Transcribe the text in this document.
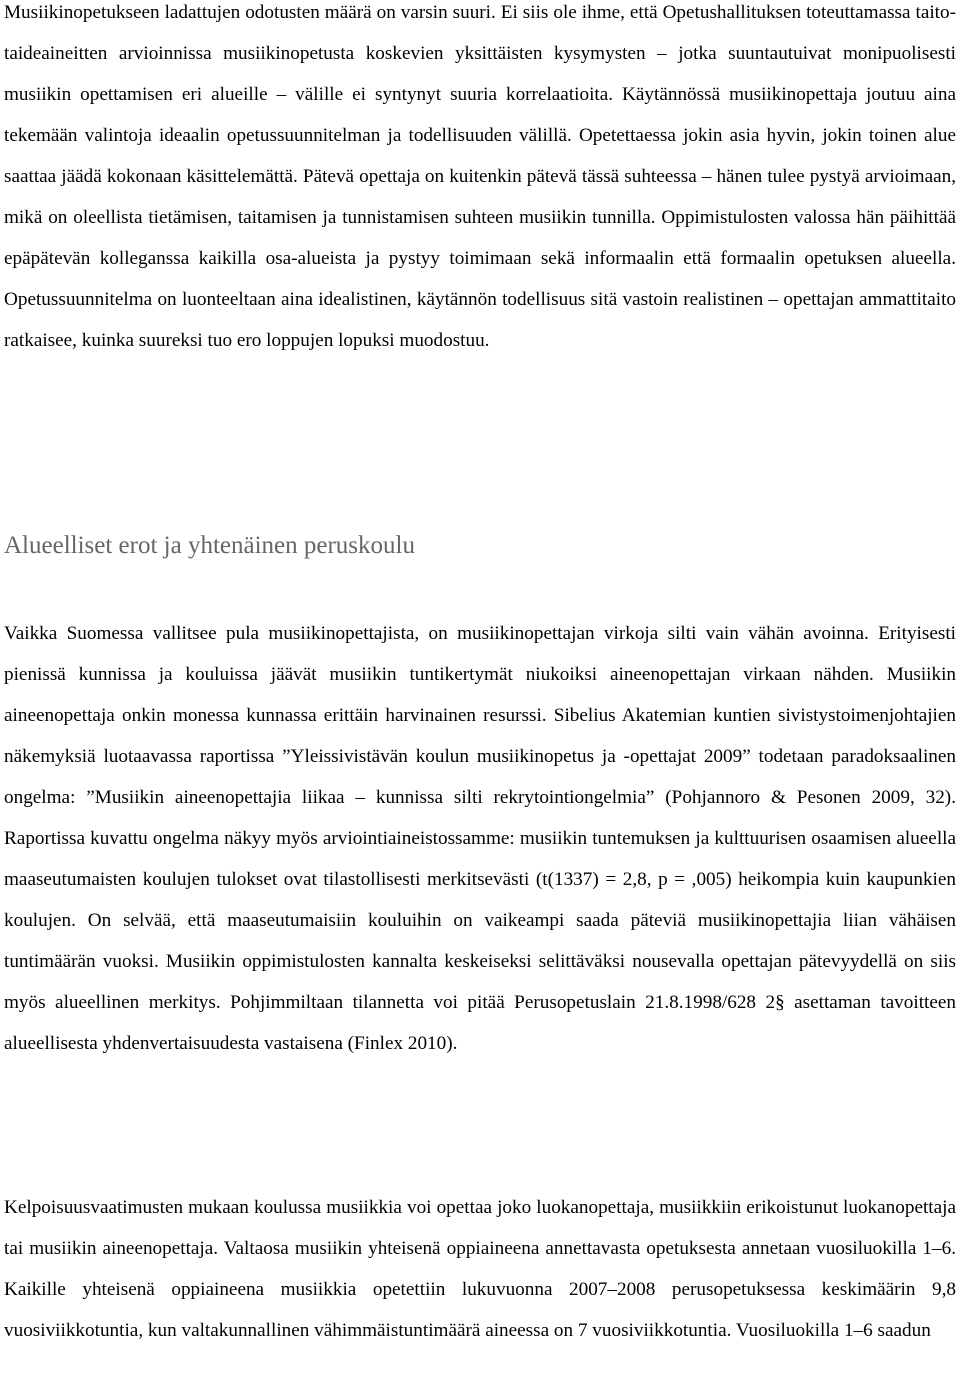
Musiikinopetukseen ladattujen odotusten määrä on varsin suuri. Ei siis ole ihme, että Opetushallituksen toteuttamassa taito- taideaineitten arvioinnissa musiikinopetusta koskevien yksittäisten kysymysten – jotka suuntautuivat monipuolisesti musiikin opettamisen eri alueille – välille ei syntynyt suuria korrelaatioita. Käytännössä musiikinopettaja joutuu aina tekemään valintoja ideaalin opetussuunnitelman ja todellisuuden välillä. Opetettaessa jokin asia hyvin, jokin toinen alue saattaa jäädä kokonaan käsittelemättä. Pätevä opettaja on kuitenkin pätevä tässä suhteessa – hänen tulee pystyä arvioimaan, mikä on oleellista tietämisen, taitamisen ja tunnistamisen suhteen musiikin tunnilla. Oppimistulosten valossa hän päihittää epäpätevän kolleganssa kaikilla osa-alueista ja pystyy toimimaan sekä informaalin että formaalin opetuksen alueella. Opetussuunnitelma on luonteeltaan aina idealistinen, käytännön todellisuus sitä vastoin realistinen – opettajan ammattitaito ratkaisee, kuinka suureksi tuo ero loppujen lopuksi muodostuu.

Alueelliset erot ja yhtenäinen peruskoulu

Vaikka Suomessa vallitsee pula musiikinopettajista, on musiikinopettajan virkoja silti vain vähän avoinna. Erityisesti pienissä kunnissa ja kouluissa jäävät musiikin tuntikertymät niukoiksi aineenopettajan virkaan nähden. Musiikin aineenopettaja onkin monessa kunnassa erittäin harvinainen resurssi. Sibelius Akatemian kuntien sivistystoimenjohtajien näkemyksiä luotaavassa raportissa ”Yleissivistävän koulun musiikinopetus ja -opettajat 2009” todetaan paradoksaalinen ongelma: ”Musiikin aineenopettajia liikaa – kunnissa silti rekrytointiongelmia” (Pohjannoro & Pesonen 2009, 32). Raportissa kuvattu ongelma näkyy myös arviointiaineistossamme: musiikin tuntemuksen ja kulttuurisen osaamisen alueella maaseutumaisten koulujen tulokset ovat tilastollisesti merkitsevästi (t(1337) = 2,8, p = ,005) heikompia kuin kaupunkien koulujen. On selvää, että maaseutumaisiin kouluihin on vaikeampi saada päteviä musiikinopettajia liian vähäisen tuntimäärän vuoksi. Musiikin oppimistulosten kannalta keskeiseksi selittäväksi nousevalla opettajan pätevyydellä on siis myös alueellinen merkitys. Pohjimmiltaan tilannetta voi pitää Perusopetuslain 21.8.1998/628 2§ asettaman tavoitteen alueellisesta yhdenvertaisuudesta vastaisena (Finlex 2010).

Kelpoisuusvaatimusten mukaan koulussa musiikkia voi opettaa joko luokanopettaja, musiikkiin erikoistunut luokanopettaja tai musiikin aineenopettaja. Valtaosa musiikin yhteisenä oppiaineena annettavasta opetuksesta annetaan vuosiluokilla 1–6. Kaikille yhteisenä oppiaineena musiikkia opetettiin lukuvuonna 2007–2008 perusopetuksessa keskimäärin 9,8 vuosiviikkotuntia, kun valtakunnallinen vähimmäistuntimäärä aineessa on 7 vuosiviikkotuntia. Vuosiluokilla 1–6 saadun
